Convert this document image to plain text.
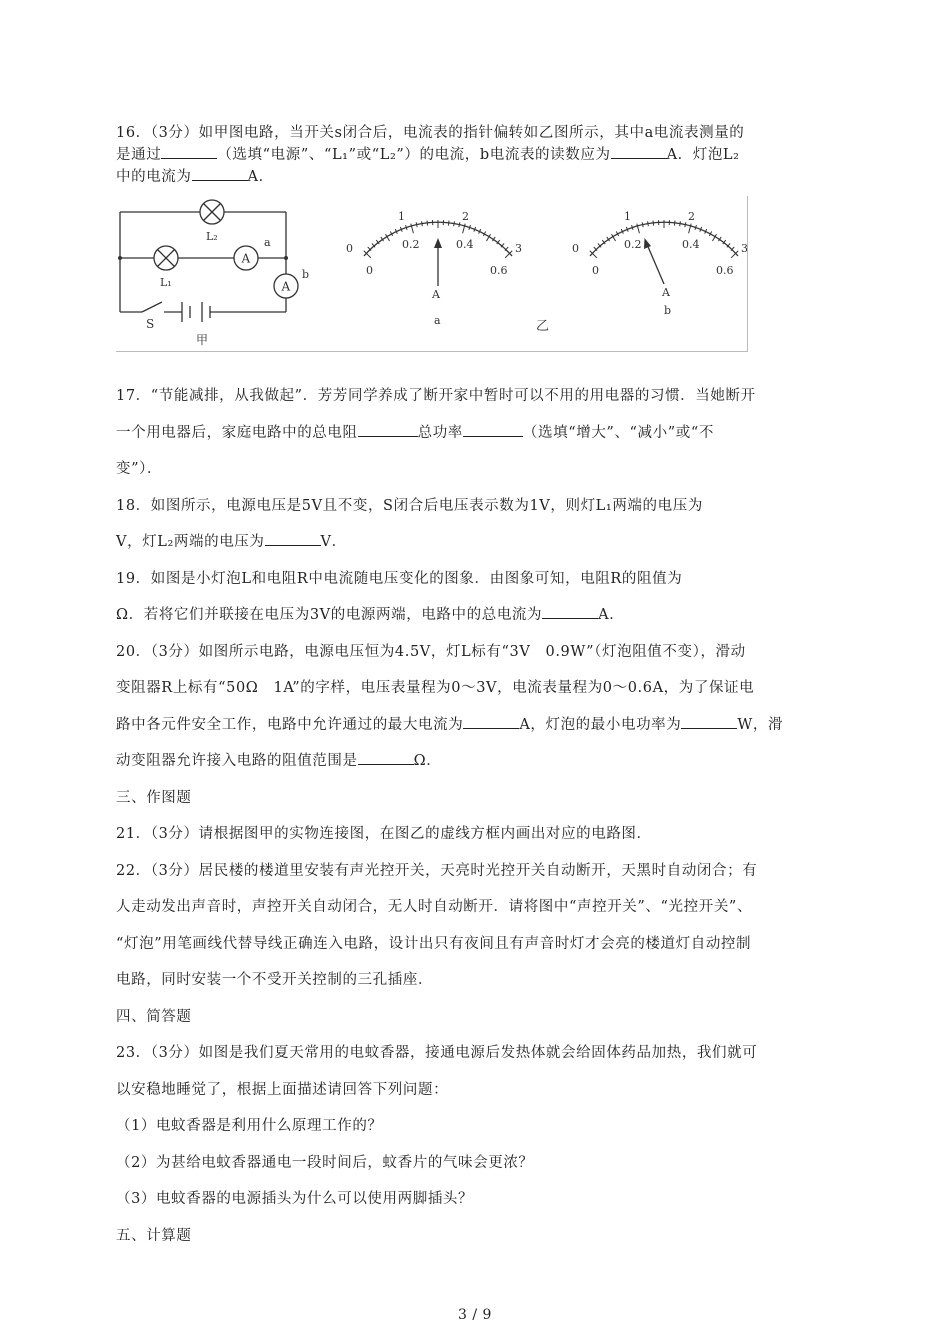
16．（3分）如甲图电路，当开关s闭合后，电流表的指针偏转如乙图所示，其中a电流表测量的
是通过	（选填“电源”、“L₁”或“L₂”）的电流，b电流表的读数应为	A．灯泡L₂
中的电流为	A．
L₂
L₁
A
a
A
b
S
甲
0
1	2
3
0
0.2	0.4
0.6
A
a
0
1	2
3
0
0.2	0.4
0.6
A
b
乙
17．“节能减排，从我做起”．芳芳同学养成了断开家中暂时可以不用的用电器的习惯．当她断开
一个用电器后，家庭电路中的总电阻	总功率	（选填“增大”、“减小”或“不
变”）．
18．如图所示，电源电压是5V且不变，S闭合后电压表示数为1V，则灯L₁两端的电压为
V，灯L₂两端的电压为	V．
19．如图是小灯泡L和电阻R中电流随电压变化的图象．由图象可知，电阻R的阻值为
Ω．若将它们并联接在电压为3V的电源两端，电路中的总电流为	A．
20．（3分）如图所示电路，电源电压恒为4.5V，灯L标有“3V　0.9W”（灯泡阻值不变），滑动
变阻器R上标有“50Ω　1A”的字样，电压表量程为0～3V，电流表量程为0～0.6A，为了保证电
路中各元件安全工作，电路中允许通过的最大电流为	A，灯泡的最小电功率为	W，滑
动变阻器允许接入电路的阻值范围是	Ω．
三、作图题
21．（3分）请根据图甲的实物连接图，在图乙的虚线方框内画出对应的电路图．
22．（3分）居民楼的楼道里安装有声光控开关，天亮时光控开关自动断开，天黑时自动闭合；有
人走动发出声音时，声控开关自动闭合，无人时自动断开．请将图中“声控开关”、“光控开关”、
“灯泡”用笔画线代替导线正确连入电路，设计出只有夜间且有声音时灯才会亮的楼道灯自动控制
电路，同时安装一个不受开关控制的三孔插座．
四、简答题
23．（3分）如图是我们夏天常用的电蚊香器，接通电源后发热体就会给固体药品加热，我们就可
以安稳地睡觉了，根据上面描述请回答下列问题：
（1）电蚊香器是利用什么原理工作的？
（2）为甚给电蚊香器通电一段时间后，蚊香片的气味会更浓？
（3）电蚊香器的电源插头为什么可以使用两脚插头？
五、计算题
3 / 9
